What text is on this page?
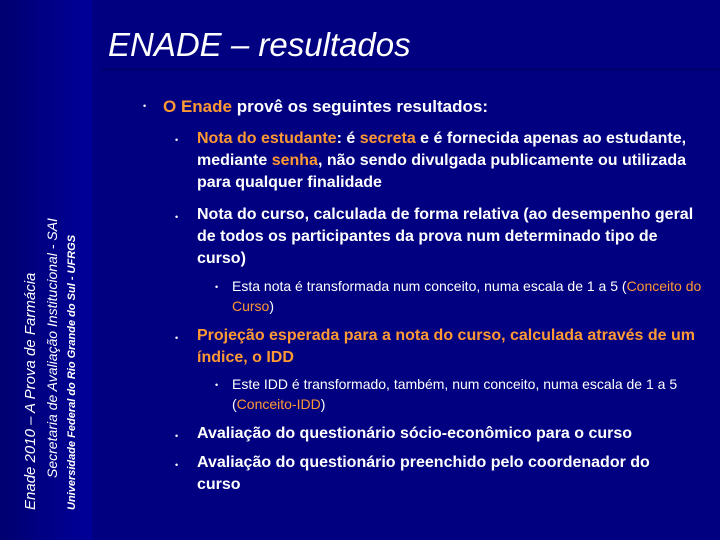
Enade 2010 – A Prova de Farmácia Secretaria de Avaliação Institucional - SAI Universidade Federal do Rio Grande do Sul - UFRGS
ENADE – resultados
• O Enade provê os seguintes resultados:
• Nota do estudante: é secreta e é fornecida apenas ao estudante, mediante senha, não sendo divulgada publicamente ou utilizada para qualquer finalidade
• Nota do curso, calculada de forma relativa (ao desempenho geral de todos os participantes da prova num determinado tipo de curso)
• Esta nota é transformada num conceito, numa escala de 1 a 5 (Conceito do Curso)
• Projeção esperada para a nota do curso, calculada através de um índice, o IDD
• Este IDD é transformado, também, num conceito, numa escala de 1 a 5 (Conceito-IDD)
• Avaliação do questionário sócio-econômico para o curso
• Avaliação do questionário preenchido pelo coordenador do curso
